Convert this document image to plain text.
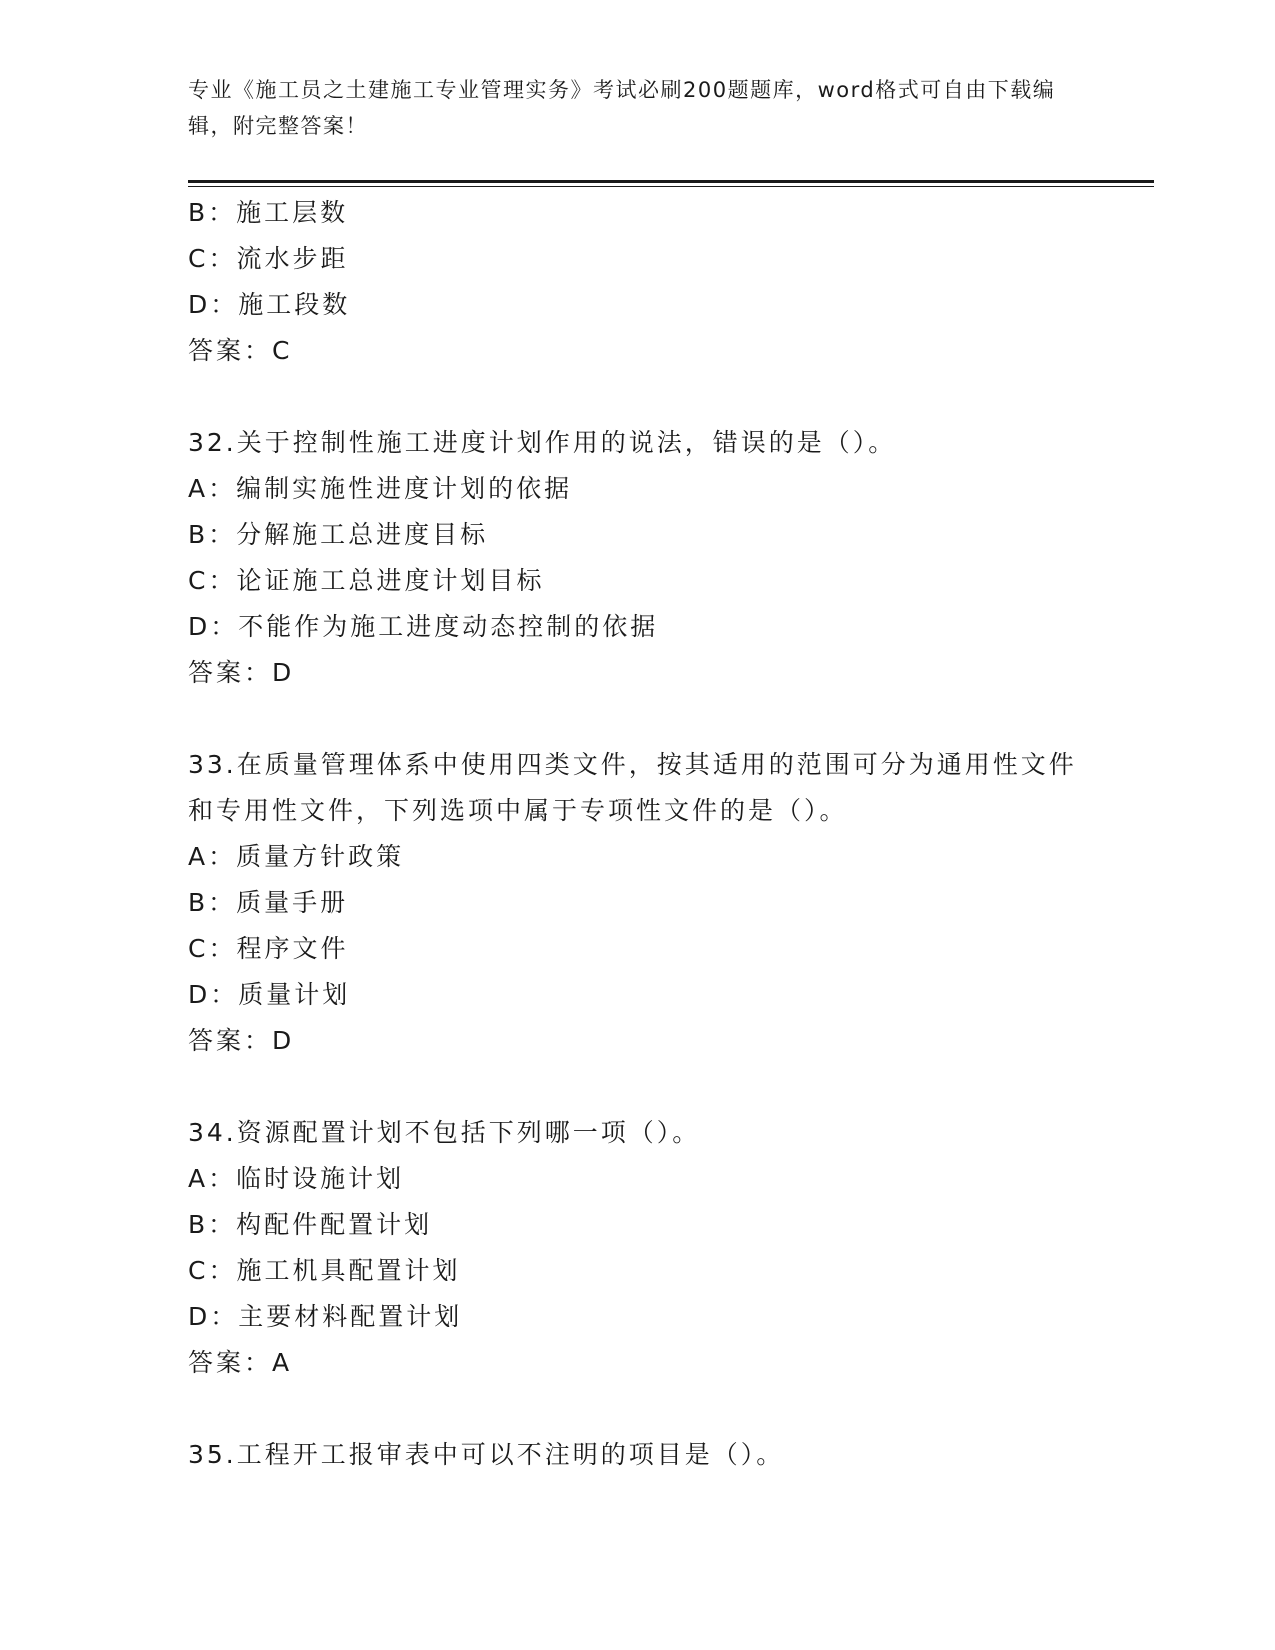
专业《施工员之土建施工专业管理实务》考试必刷200题题库，word格式可自由下载编辑，附完整答案！
B：施工层数
C：流水步距
D：施工段数
答案：C
32.关于控制性施工进度计划作用的说法，错误的是（）。
A：编制实施性进度计划的依据
B：分解施工总进度目标
C：论证施工总进度计划目标
D：不能作为施工进度动态控制的依据
答案：D
33.在质量管理体系中使用四类文件，按其适用的范围可分为通用性文件和专用性文件，下列选项中属于专项性文件的是（）。
A：质量方针政策
B：质量手册
C：程序文件
D：质量计划
答案：D
34.资源配置计划不包括下列哪一项（）。
A：临时设施计划
B：构配件配置计划
C：施工机具配置计划
D：主要材料配置计划
答案：A
35.工程开工报审表中可以不注明的项目是（）。
